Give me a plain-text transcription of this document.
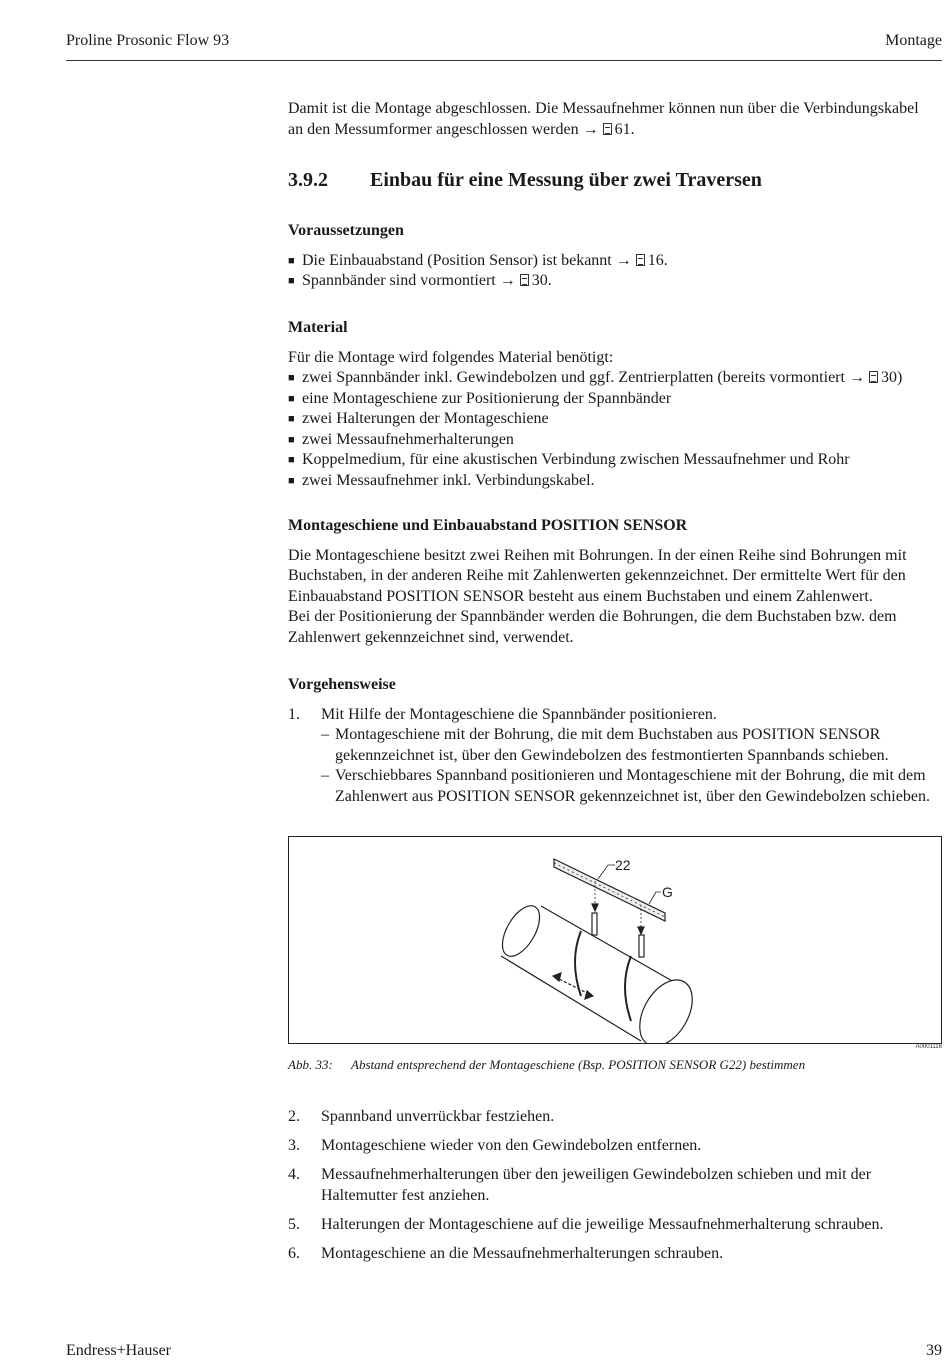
Proline Prosonic Flow 93	Montage

Damit ist die Montage abgeschlossen. Die Messaufnehmer können nun über die Verbindungskabel

an den Messumformer angeschlossen werden → 61.

3.9.2	Einbau für eine Messung über zwei Traversen
Voraussetzungen
■ Die Einbauabstand (Position Sensor) ist bekannt → 16.
■ Spannbänder sind vormontiert → 30.
Material
Für die Montage wird folgendes Material benötigt:
■ zwei Spannbänder inkl. Gewindebolzen und ggf. Zentrierplatten (bereits vormontiert → 30)
■ eine Montageschiene zur Positionierung der Spannbänder
■ zwei Halterungen der Montageschiene
■ zwei Messaufnehmerhalterungen
■ Koppelmedium, für eine akustischen Verbindung zwischen Messaufnehmer und Rohr
■ zwei Messaufnehmer inkl. Verbindungskabel.
Montageschiene und Einbauabstand POSITION SENSOR
Die Montageschiene besitzt zwei Reihen mit Bohrungen. In der einen Reihe sind Bohrungen mit
Buchstaben, in der anderen Reihe mit Zahlenwerten gekennzeichnet. Der ermittelte Wert für den
Einbauabstand POSITION SENSOR besteht aus einem Buchstaben und einem Zahlenwert.
Bei der Positionierung der Spannbänder werden die Bohrungen, die dem Buchstaben bzw. dem
Zahlenwert gekennzeichnet sind, verwendet.
Vorgehensweise
1.	Mit Hilfe der Montageschiene die Spannbänder positionieren.
– Montageschiene mit der Bohrung, die mit dem Buchstaben aus POSITION SENSOR
gekennzeichnet ist, über den Gewindebolzen des festmontierten Spannbands schieben.
– Verschiebbares Spannband positionieren und Montageschiene mit der Bohrung, die mit dem
Zahlenwert aus POSITION SENSOR gekennzeichnet ist, über den Gewindebolzen schieben.
22
G
A0001116
Abb. 33:	Abstand entsprechend der Montageschiene (Bsp. POSITION SENSOR G22) bestimmen
2.	Spannband unverrückbar festziehen.
3.	Montageschiene wieder von den Gewindebolzen entfernen.
4.	Messaufnehmerhalterungen über den jeweiligen Gewindebolzen schieben und mit der
Haltemutter fest anziehen.
5.	Halterungen der Montageschiene auf die jeweilige Messaufnehmerhalterung schrauben.
6.	Montageschiene an die Messaufnehmerhalterungen schrauben.
Endress+Hauser	39
